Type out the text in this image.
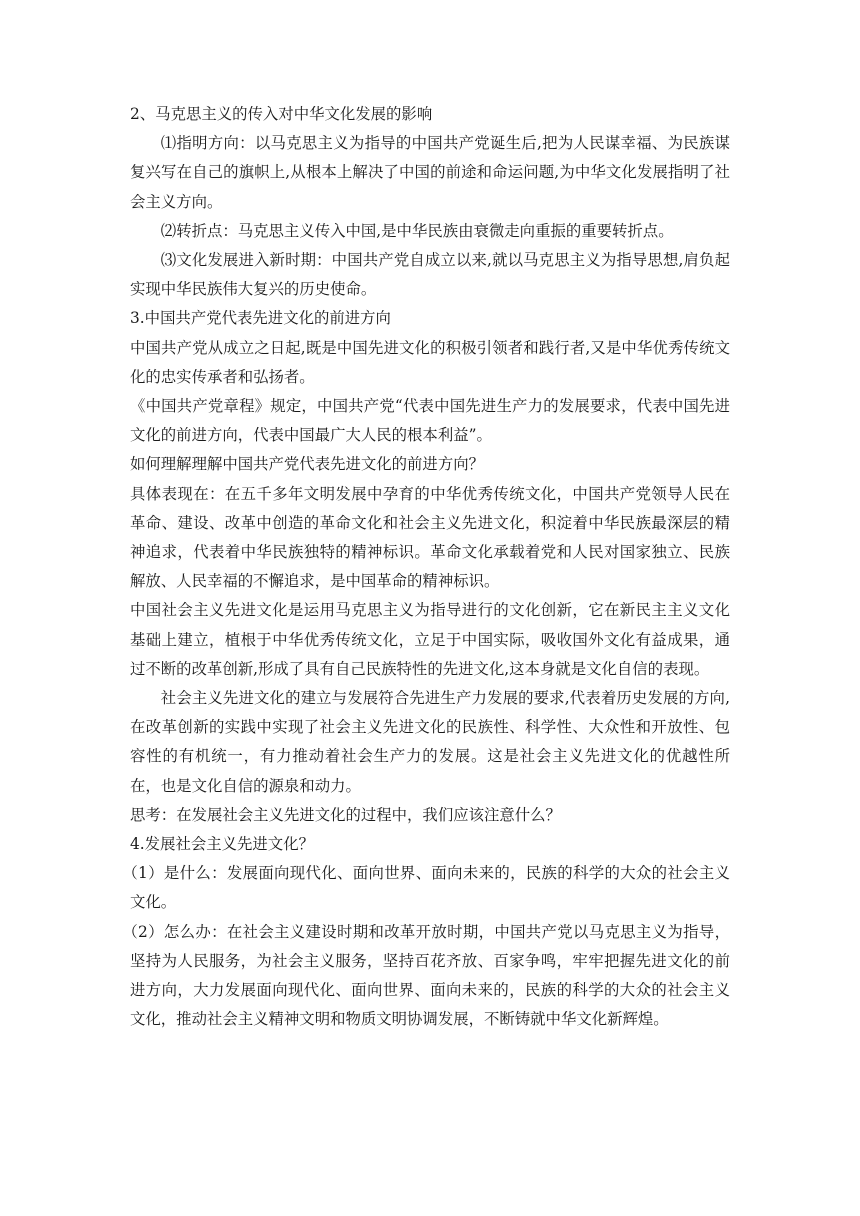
2、马克思主义的传入对中华文化发展的影响

⑴指明方向：以马克思主义为指导的中国共产党诞生后,把为人民谋幸福、为民族谋复兴写在自己的旗帜上,从根本上解决了中国的前途和命运问题,为中华文化发展指明了社会主义方向。

⑵转折点：马克思主义传入中国,是中华民族由衰微走向重振的重要转折点。

⑶文化发展进入新时期：中国共产党自成立以来,就以马克思主义为指导思想,肩负起实现中华民族伟大复兴的历史使命。

3.中国共产党代表先进文化的前进方向

中国共产党从成立之日起,既是中国先进文化的积极引领者和践行者,又是中华优秀传统文化的忠实传承者和弘扬者。

《中国共产党章程》规定，中国共产党“代表中国先进生产力的发展要求，代表中国先进文化的前进方向，代表中国最广大人民的根本利益”。

如何理解理解中国共产党代表先进文化的前进方向？

具体表现在：在五千多年文明发展中孕育的中华优秀传统文化，中国共产党领导人民在革命、建设、改革中创造的革命文化和社会主义先进文化，积淀着中华民族最深层的精神追求，代表着中华民族独特的精神标识。革命文化承载着党和人民对国家独立、民族解放、人民幸福的不懈追求，是中国革命的精神标识。

中国社会主义先进文化是运用马克思主义为指导进行的文化创新，它在新民主主义文化基础上建立，植根于中华优秀传统文化，立足于中国实际，吸收国外文化有益成果，通过不断的改革创新,形成了具有自己民族特性的先进文化,这本身就是文化自信的表现。

社会主义先进文化的建立与发展符合先进生产力发展的要求,代表着历史发展的方向,在改革创新的实践中实现了社会主义先进文化的民族性、科学性、大众性和开放性、包容性的有机统一，有力推动着社会生产力的发展。这是社会主义先进文化的优越性所在，也是文化自信的源泉和动力。

思考：在发展社会主义先进文化的过程中，我们应该注意什么？

4.发展社会主义先进文化？

（1）是什么：发展面向现代化、面向世界、面向未来的，民族的科学的大众的社会主义文化。

（2）怎么办：在社会主义建设时期和改革开放时期，中国共产党以马克思主义为指导，坚持为人民服务，为社会主义服务，坚持百花齐放、百家争鸣，牢牢把握先进文化的前进方向，大力发展面向现代化、面向世界、面向未来的，民族的科学的大众的社会主义文化，推动社会主义精神文明和物质文明协调发展，不断铸就中华文化新辉煌。
